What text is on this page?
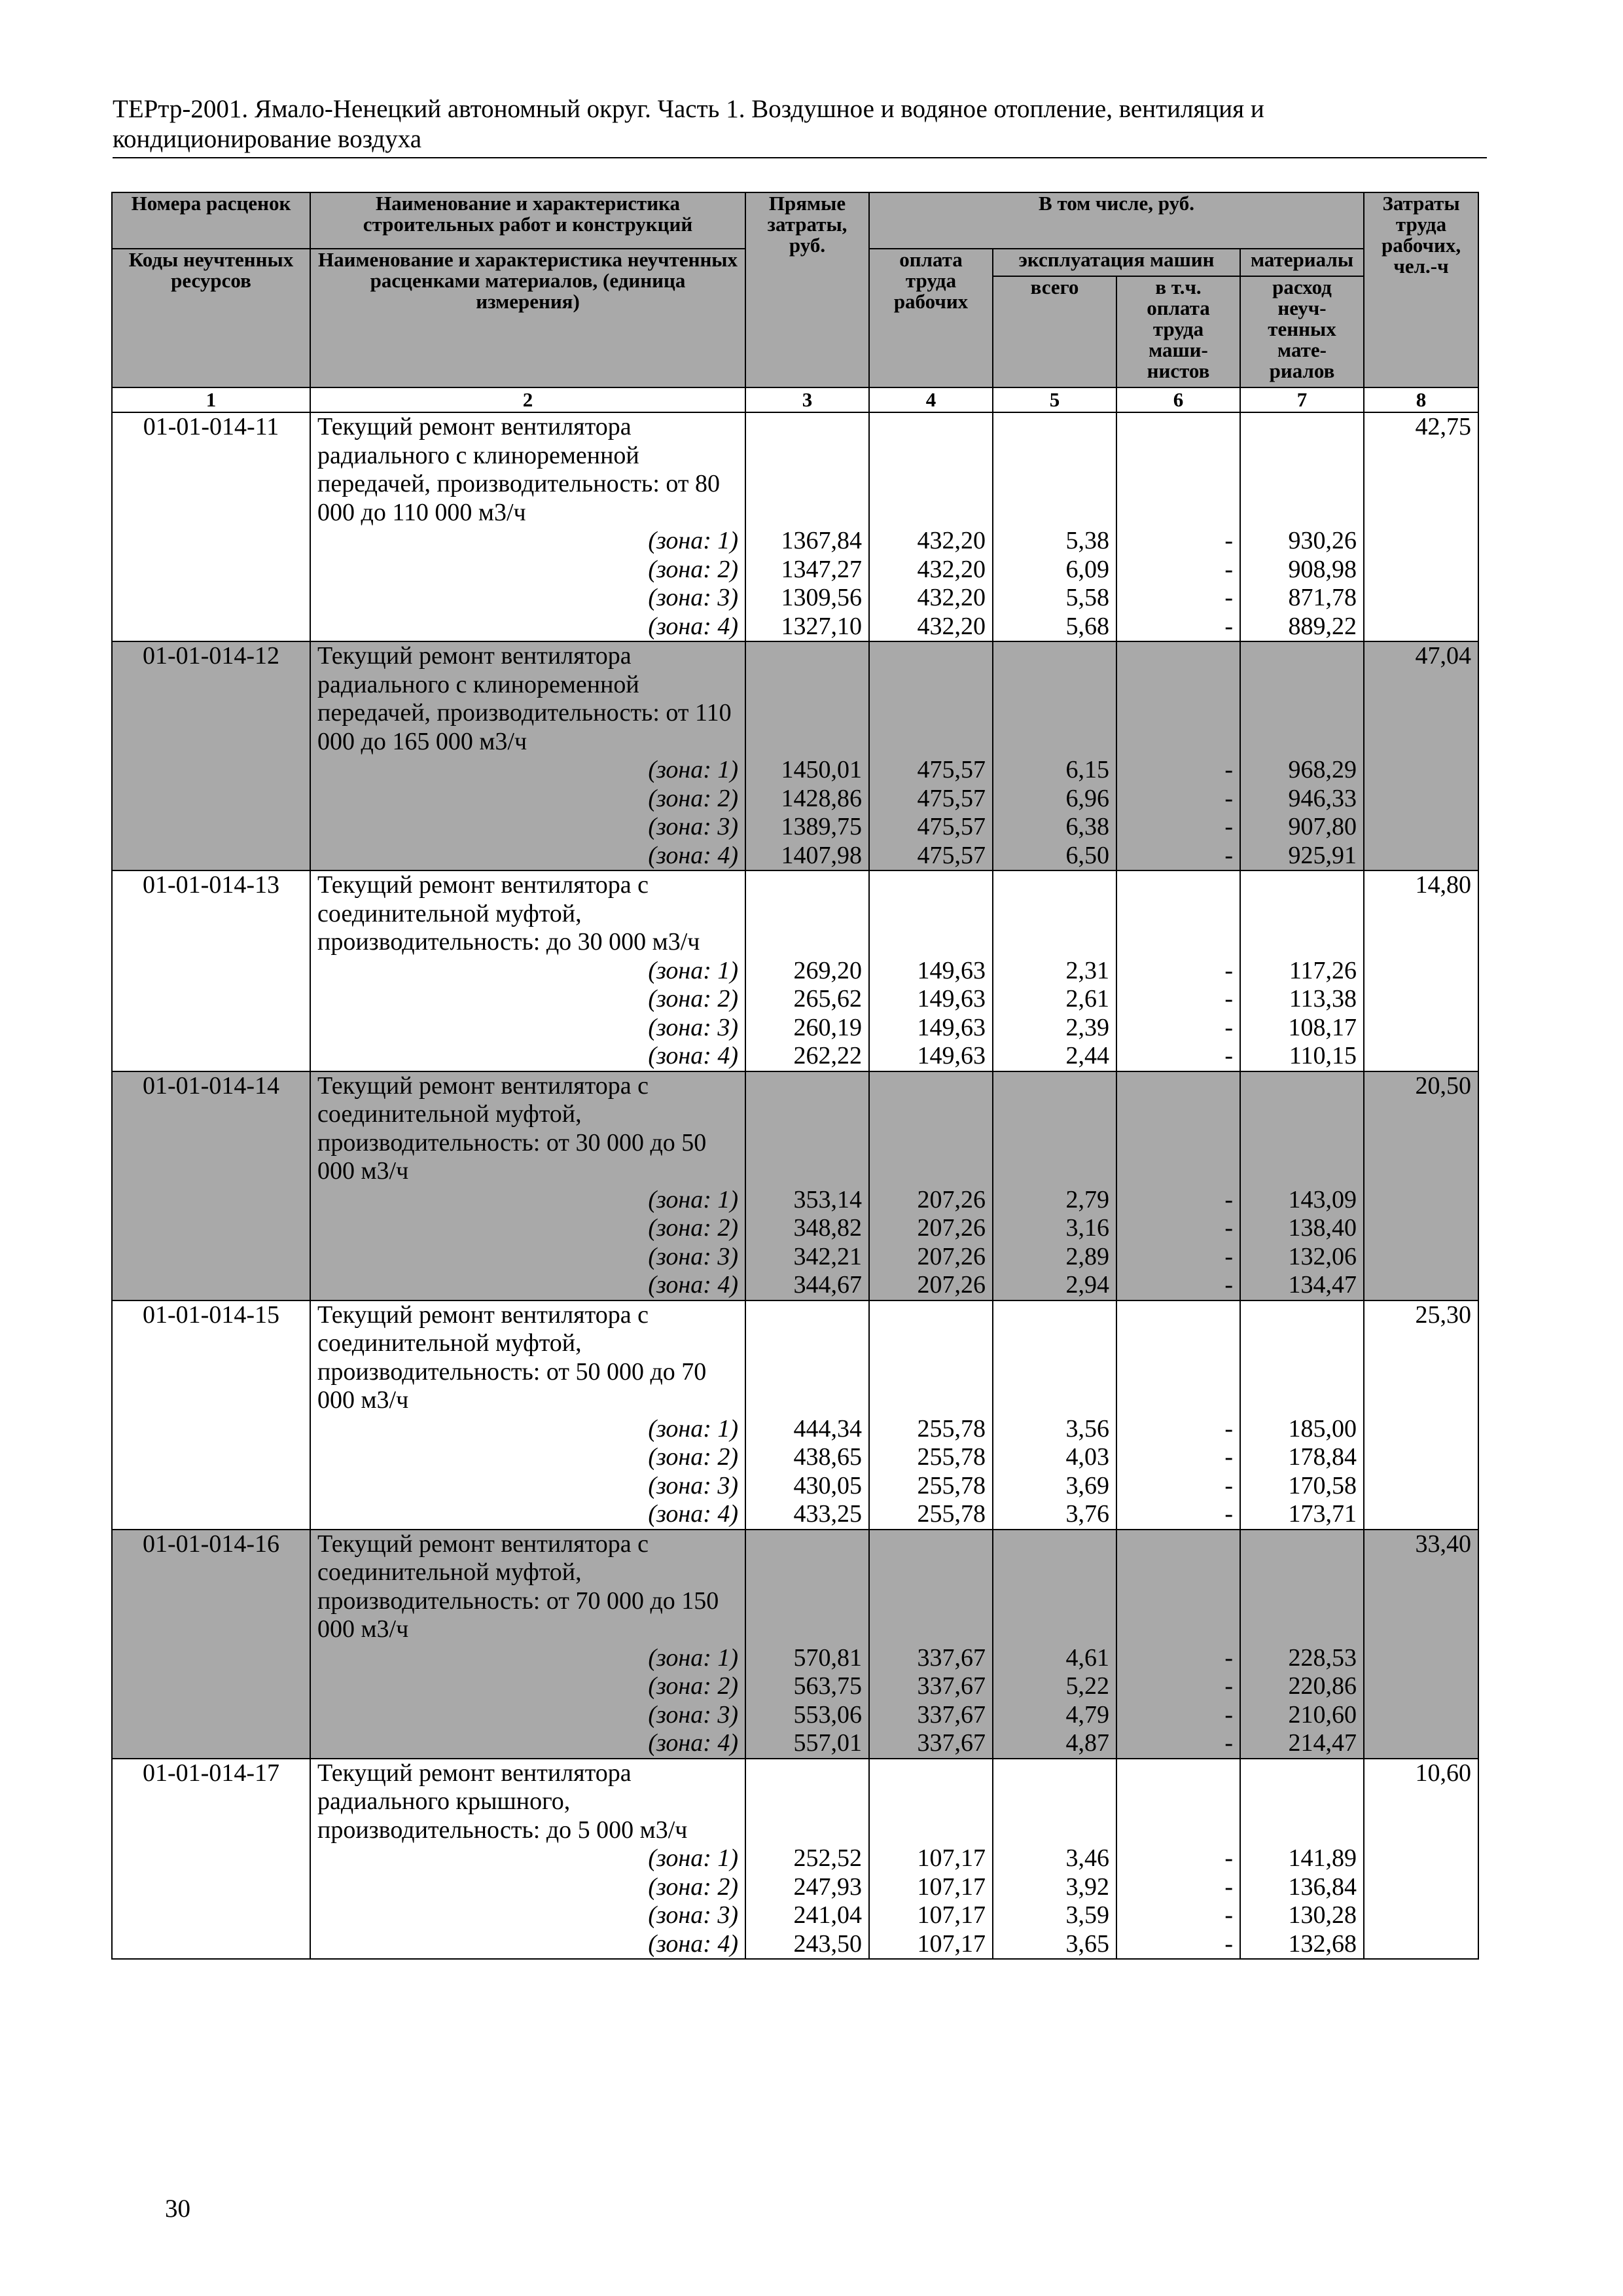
ТЕРтр-2001. Ямало-Ненецкий автономный округ. Часть 1. Воздушное и водяное отопление, вентиляция и
кондиционирование воздуха
Номера расценок	Наименование и характеристика строительных работ и конструкций	Прямые затраты, руб.	В том числе, руб.				Затраты труда рабочих, чел.-ч
Коды неучтенных ресурсов	Наименование и характеристика неучтенных расценками материалов, (единица измерения)		оплата труда рабочих	эксплуатация машин		материалы	
				всего	в т.ч. оплата труда маши-нистов	расход неуч-тенных мате-риалов	
1	2	3	4	5	6	7	8
01-01-014-11	Текущий ремонт вентилятора						42,75
	радиального с клиноременной						
	передачей, производительность: от 80						
	000 до 110 000 м3/ч						
	(зона: 1)	1367,84	432,20	5,38	-	930,26	
	(зона: 2)	1347,27	432,20	6,09	-	908,98	
	(зона: 3)	1309,56	432,20	5,58	-	871,78	
	(зона: 4)	1327,10	432,20	5,68	-	889,22	
01-01-014-12	Текущий ремонт вентилятора						47,04
	радиального с клиноременной						
	передачей, производительность: от 110						
	000 до 165 000 м3/ч						
	(зона: 1)	1450,01	475,57	6,15	-	968,29	
	(зона: 2)	1428,86	475,57	6,96	-	946,33	
	(зона: 3)	1389,75	475,57	6,38	-	907,80	
	(зона: 4)	1407,98	475,57	6,50	-	925,91	
01-01-014-13	Текущий ремонт вентилятора с						14,80
	соединительной муфтой,						
	производительность: до 30 000 м3/ч						
	(зона: 1)	269,20	149,63	2,31	-	117,26	
	(зона: 2)	265,62	149,63	2,61	-	113,38	
	(зона: 3)	260,19	149,63	2,39	-	108,17	
	(зона: 4)	262,22	149,63	2,44	-	110,15	
01-01-014-14	Текущий ремонт вентилятора с						20,50
	соединительной муфтой,						
	производительность: от 30 000 до 50						
	000 м3/ч						
	(зона: 1)	353,14	207,26	2,79	-	143,09	
	(зона: 2)	348,82	207,26	3,16	-	138,40	
	(зона: 3)	342,21	207,26	2,89	-	132,06	
	(зона: 4)	344,67	207,26	2,94	-	134,47	
01-01-014-15	Текущий ремонт вентилятора с						25,30
	соединительной муфтой,						
	производительность: от 50 000 до 70						
	000 м3/ч						
	(зона: 1)	444,34	255,78	3,56	-	185,00	
	(зона: 2)	438,65	255,78	4,03	-	178,84	
	(зона: 3)	430,05	255,78	3,69	-	170,58	
	(зона: 4)	433,25	255,78	3,76	-	173,71	
01-01-014-16	Текущий ремонт вентилятора с						33,40
	соединительной муфтой,						
	производительность: от 70 000 до 150						
	000 м3/ч						
	(зона: 1)	570,81	337,67	4,61	-	228,53	
	(зона: 2)	563,75	337,67	5,22	-	220,86	
	(зона: 3)	553,06	337,67	4,79	-	210,60	
	(зона: 4)	557,01	337,67	4,87	-	214,47	
01-01-014-17	Текущий ремонт вентилятора						10,60
	радиального крышного,						
	производительность: до 5 000 м3/ч						
	(зона: 1)	252,52	107,17	3,46	-	141,89	
	(зона: 2)	247,93	107,17	3,92	-	136,84	
	(зона: 3)	241,04	107,17	3,59	-	130,28	
	(зона: 4)	243,50	107,17	3,65	-	132,68	
30
